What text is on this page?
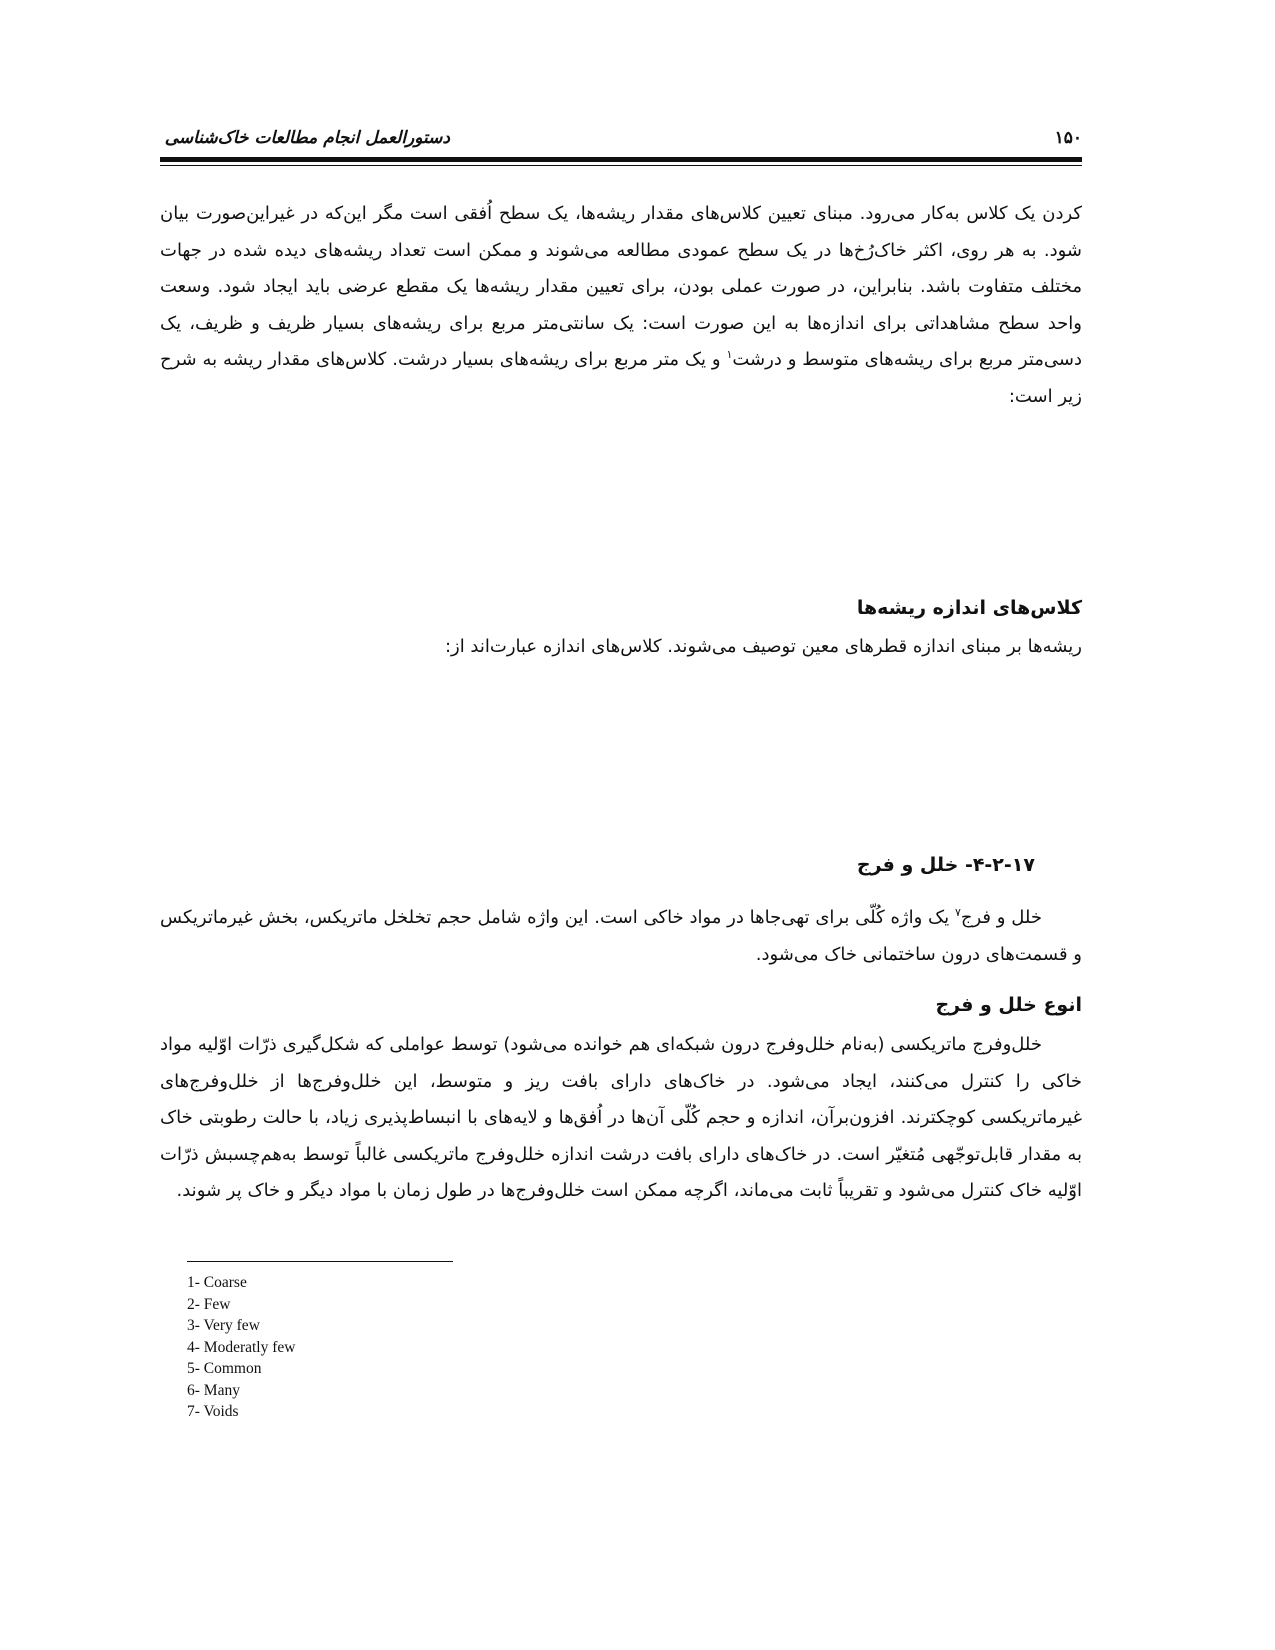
دستورالعمل انجام مطالعات خاک‌شناسی	۱۵۰

کردن یک کلاس به‌کار می‌رود. مبنای تعیین کلاس‌های مقدار ریشه‌ها، یک سطح اُفقی است مگر این‌که در غیراین‌صورت بیان شود. به هر روی، اکثر خاک‌رُخ‌ها در یک سطح عمودی مطالعه می‌شوند و ممکن است تعداد ریشه‌های دیده شده در جهات مختلف متفاوت باشد. بنابراین، در صورت عملی بودن، برای تعیین مقدار ریشه‌ها یک مقطع عرضی باید ایجاد شود. وسعت واحد سطح مشاهداتی برای اندازه‌ها به این صورت است: یک سانتی‌متر مربع برای ریشه‌های بسیار ظریف و ظریف، یک دسی‌متر مربع برای ریشه‌های متوسط و درشت$^۱$ و یک متر مربع برای ریشه‌های بسیار درشت. کلاس‌های مقدار ریشه به شرح زیر است:

کلاس‌های اندازه ریشه‌ها
ریشه‌ها بر مبنای اندازه قطرهای معین توصیف می‌شوند. کلاس‌های اندازه عبارت‌اند از:
۴-۲-۱۷- خلل و فرج

خلل و فرج$^۷$ یک واژه کُلّی برای تهی‌جاها در مواد خاکی است. این واژه شامل حجم تخلخل ماتریکس، بخش غیرماتریکس و قسمت‌های درون ساختمانی خاک می‌شود.

انوع خلل و فرج

خلل‌وفرج ماتریکسی (به‌نام خلل‌وفرج درون شبکه‌ای هم خوانده می‌شود) توسط عواملی که شکل‌گیری ذرّات اوّلیه مواد خاکی را کنترل می‌کنند، ایجاد می‌شود. در خاک‌های دارای بافت ریز و متوسط، این خلل‌وفرج‌ها از خلل‌وفرج‌های غیرماتریکسی کوچکترند. افزون‌برآن، اندازه و حجم کُلّی آن‌ها در اُفق‌ها و لایه‌های با انبساط‌پذیری زیاد، با حالت رطوبتی خاک به مقدار قابل‌توجّهی مُتغیّر است. در خاک‌های دارای بافت درشت اندازه خلل‌وفرج ماتریکسی غالباً توسط به‌هم‌چسبش ذرّات اوّلیه خاک کنترل می‌شود و تقریباً ثابت می‌ماند، اگرچه ممکن است خلل‌وفرج‌ها در طول زمان با مواد دیگر و خاک پر شوند.

1- Coarse
2- Few
3- Very few
4- Moderatly few
5- Common
6- Many
7- Voids
